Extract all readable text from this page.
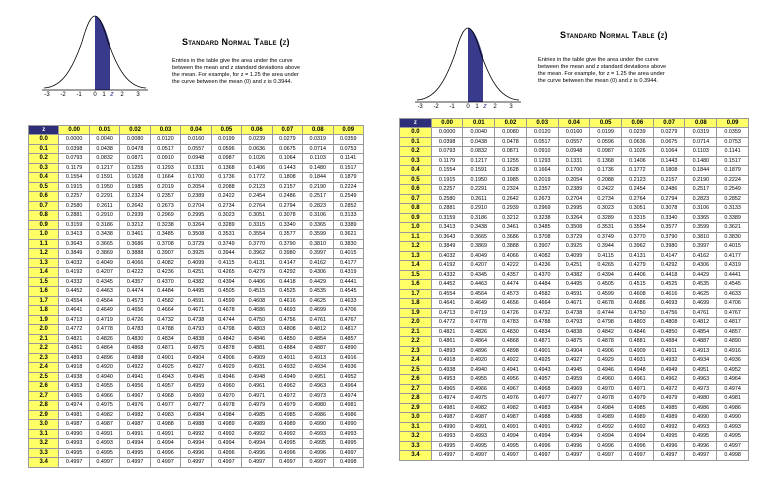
-3 -2 -1 0 1 z 2 3
Standard Normal Table (z)

Entries in the table give the area under the curve

between the mean and z standard deviations above

the mean. For example, for z = 1.25 the area under

the curve between the mean (0) and z is 0.3944.

z	0.00	0.01	0.02	0.03	0.04	0.05	0.06	0.07	0.08	0.09
0.0	0.0000	0.0040	0.0080	0.0120	0.0160	0.0199	0.0239	0.0279	0.0319	0.0359
0.1	0.0398	0.0438	0.0478	0.0517	0.0557	0.0596	0.0636	0.0675	0.0714	0.0753
0.2	0.0793	0.0832	0.0871	0.0910	0.0948	0.0987	0.1026	0.1064	0.1103	0.1141
0.3	0.1179	0.1217	0.1255	0.1293	0.1331	0.1368	0.1406	0.1443	0.1480	0.1517
0.4	0.1554	0.1591	0.1628	0.1664	0.1700	0.1736	0.1772	0.1808	0.1844	0.1879
0.5	0.1915	0.1950	0.1985	0.2019	0.2054	0.2088	0.2123	0.2157	0.2190	0.2224
0.6	0.2257	0.2291	0.2324	0.2357	0.2389	0.2422	0.2454	0.2486	0.2517	0.2549
0.7	0.2580	0.2611	0.2642	0.2673	0.2704	0.2734	0.2764	0.2794	0.2823	0.2852
0.8	0.2881	0.2910	0.2939	0.2969	0.2995	0.3023	0.3051	0.3078	0.3106	0.3133
0.9	0.3159	0.3186	0.3212	0.3238	0.3264	0.3289	0.3315	0.3340	0.3365	0.3389
1.0	0.3413	0.3438	0.3461	0.3485	0.3508	0.3531	0.3554	0.3577	0.3599	0.3621
1.1	0.3643	0.3665	0.3686	0.3708	0.3729	0.3749	0.3770	0.3790	0.3810	0.3830
1.2	0.3849	0.3869	0.3888	0.3907	0.3925	0.3944	0.3962	0.3980	0.3997	0.4015
1.3	0.4032	0.4049	0.4066	0.4082	0.4099	0.4115	0.4131	0.4147	0.4162	0.4177
1.4	0.4192	0.4207	0.4222	0.4236	0.4251	0.4265	0.4279	0.4292	0.4306	0.4319
1.5	0.4332	0.4345	0.4357	0.4370	0.4382	0.4394	0.4406	0.4418	0.4429	0.4441
1.6	0.4452	0.4463	0.4474	0.4484	0.4495	0.4505	0.4515	0.4525	0.4535	0.4545
1.7	0.4554	0.4564	0.4573	0.4582	0.4591	0.4599	0.4608	0.4616	0.4625	0.4633
1.8	0.4641	0.4649	0.4656	0.4664	0.4671	0.4678	0.4686	0.4693	0.4699	0.4706
1.9	0.4713	0.4719	0.4726	0.4732	0.4738	0.4744	0.4750	0.4756	0.4761	0.4767
2.0	0.4772	0.4778	0.4783	0.4788	0.4793	0.4798	0.4803	0.4808	0.4812	0.4817
2.1	0.4821	0.4826	0.4830	0.4834	0.4838	0.4842	0.4846	0.4850	0.4854	0.4857
2.2	0.4861	0.4864	0.4868	0.4871	0.4875	0.4878	0.4881	0.4884	0.4887	0.4890
2.3	0.4893	0.4896	0.4898	0.4901	0.4904	0.4906	0.4909	0.4911	0.4913	0.4916
2.4	0.4918	0.4920	0.4922	0.4925	0.4927	0.4929	0.4931	0.4932	0.4934	0.4936
2.5	0.4938	0.4940	0.4941	0.4943	0.4945	0.4946	0.4948	0.4949	0.4951	0.4952
2.6	0.4953	0.4955	0.4956	0.4957	0.4959	0.4960	0.4961	0.4962	0.4963	0.4964
2.7	0.4965	0.4966	0.4967	0.4968	0.4969	0.4970	0.4971	0.4972	0.4973	0.4974
2.8	0.4974	0.4975	0.4976	0.4977	0.4977	0.4978	0.4979	0.4979	0.4980	0.4981
2.9	0.4981	0.4982	0.4982	0.4983	0.4984	0.4984	0.4985	0.4985	0.4986	0.4986
3.0	0.4987	0.4987	0.4987	0.4988	0.4988	0.4989	0.4989	0.4989	0.4990	0.4990
3.1	0.4990	0.4991	0.4991	0.4991	0.4992	0.4992	0.4992	0.4992	0.4993	0.4993
3.2	0.4993	0.4993	0.4994	0.4994	0.4994	0.4994	0.4994	0.4995	0.4995	0.4995
3.3	0.4995	0.4995	0.4995	0.4996	0.4996	0.4996	0.4996	0.4996	0.4996	0.4997
3.4	0.4997	0.4997	0.4997	0.4997	0.4997	0.4997	0.4997	0.4997	0.4997	0.4998
-3 -2 -1 0 1 z 2 3
Standard Normal Table (z)

Entries in the table give the area under the curve

between the mean and z standard deviations above

the mean. For example, for z = 1.25 the area under

the curve between the mean (0) and z is 0.3944.

z	0.00	0.01	0.02	0.03	0.04	0.05	0.06	0.07	0.08	0.09
0.0	0.0000	0.0040	0.0080	0.0120	0.0160	0.0199	0.0239	0.0279	0.0319	0.0359
0.1	0.0398	0.0438	0.0478	0.0517	0.0557	0.0596	0.0636	0.0675	0.0714	0.0753
0.2	0.0793	0.0832	0.0871	0.0910	0.0948	0.0987	0.1026	0.1064	0.1103	0.1141
0.3	0.1179	0.1217	0.1255	0.1293	0.1331	0.1368	0.1406	0.1443	0.1480	0.1517
0.4	0.1554	0.1591	0.1628	0.1664	0.1700	0.1736	0.1772	0.1808	0.1844	0.1879
0.5	0.1915	0.1950	0.1985	0.2019	0.2054	0.2088	0.2123	0.2157	0.2190	0.2224
0.6	0.2257	0.2291	0.2324	0.2357	0.2389	0.2422	0.2454	0.2486	0.2517	0.2549
0.7	0.2580	0.2611	0.2642	0.2673	0.2704	0.2734	0.2764	0.2794	0.2823	0.2852
0.8	0.2881	0.2910	0.2939	0.2969	0.2995	0.3023	0.3051	0.3078	0.3106	0.3133
0.9	0.3159	0.3186	0.3212	0.3238	0.3264	0.3289	0.3315	0.3340	0.3365	0.3389
1.0	0.3413	0.3438	0.3461	0.3485	0.3508	0.3531	0.3554	0.3577	0.3599	0.3621
1.1	0.3643	0.3665	0.3686	0.3708	0.3729	0.3749	0.3770	0.3790	0.3810	0.3830
1.2	0.3849	0.3869	0.3888	0.3907	0.3925	0.3944	0.3962	0.3980	0.3997	0.4015
1.3	0.4032	0.4049	0.4066	0.4082	0.4099	0.4115	0.4131	0.4147	0.4162	0.4177
1.4	0.4192	0.4207	0.4222	0.4236	0.4251	0.4265	0.4279	0.4292	0.4306	0.4319
1.5	0.4332	0.4345	0.4357	0.4370	0.4382	0.4394	0.4406	0.4418	0.4429	0.4441
1.6	0.4452	0.4463	0.4474	0.4484	0.4495	0.4505	0.4515	0.4525	0.4535	0.4545
1.7	0.4554	0.4564	0.4573	0.4582	0.4591	0.4599	0.4608	0.4616	0.4625	0.4633
1.8	0.4641	0.4649	0.4656	0.4664	0.4671	0.4678	0.4686	0.4693	0.4699	0.4706
1.9	0.4713	0.4719	0.4726	0.4732	0.4738	0.4744	0.4750	0.4756	0.4761	0.4767
2.0	0.4772	0.4778	0.4783	0.4788	0.4793	0.4798	0.4803	0.4808	0.4812	0.4817
2.1	0.4821	0.4826	0.4830	0.4834	0.4838	0.4842	0.4846	0.4850	0.4854	0.4857
2.2	0.4861	0.4864	0.4868	0.4871	0.4875	0.4878	0.4881	0.4884	0.4887	0.4890
2.3	0.4893	0.4896	0.4898	0.4901	0.4904	0.4906	0.4909	0.4911	0.4913	0.4916
2.4	0.4918	0.4920	0.4922	0.4925	0.4927	0.4929	0.4931	0.4932	0.4934	0.4936
2.5	0.4938	0.4940	0.4941	0.4943	0.4945	0.4946	0.4948	0.4949	0.4951	0.4952
2.6	0.4953	0.4955	0.4956	0.4957	0.4959	0.4960	0.4961	0.4962	0.4963	0.4964
2.7	0.4965	0.4966	0.4967	0.4968	0.4969	0.4970	0.4971	0.4972	0.4973	0.4974
2.8	0.4974	0.4975	0.4976	0.4977	0.4977	0.4978	0.4979	0.4979	0.4980	0.4981
2.9	0.4981	0.4982	0.4982	0.4983	0.4984	0.4984	0.4985	0.4985	0.4986	0.4986
3.0	0.4987	0.4987	0.4987	0.4988	0.4988	0.4989	0.4989	0.4989	0.4990	0.4990
3.1	0.4990	0.4991	0.4991	0.4991	0.4992	0.4992	0.4992	0.4992	0.4993	0.4993
3.2	0.4993	0.4993	0.4994	0.4994	0.4994	0.4994	0.4994	0.4995	0.4995	0.4995
3.3	0.4995	0.4995	0.4995	0.4996	0.4996	0.4996	0.4996	0.4996	0.4996	0.4997
3.4	0.4997	0.4997	0.4997	0.4997	0.4997	0.4997	0.4997	0.4997	0.4997	0.4998
